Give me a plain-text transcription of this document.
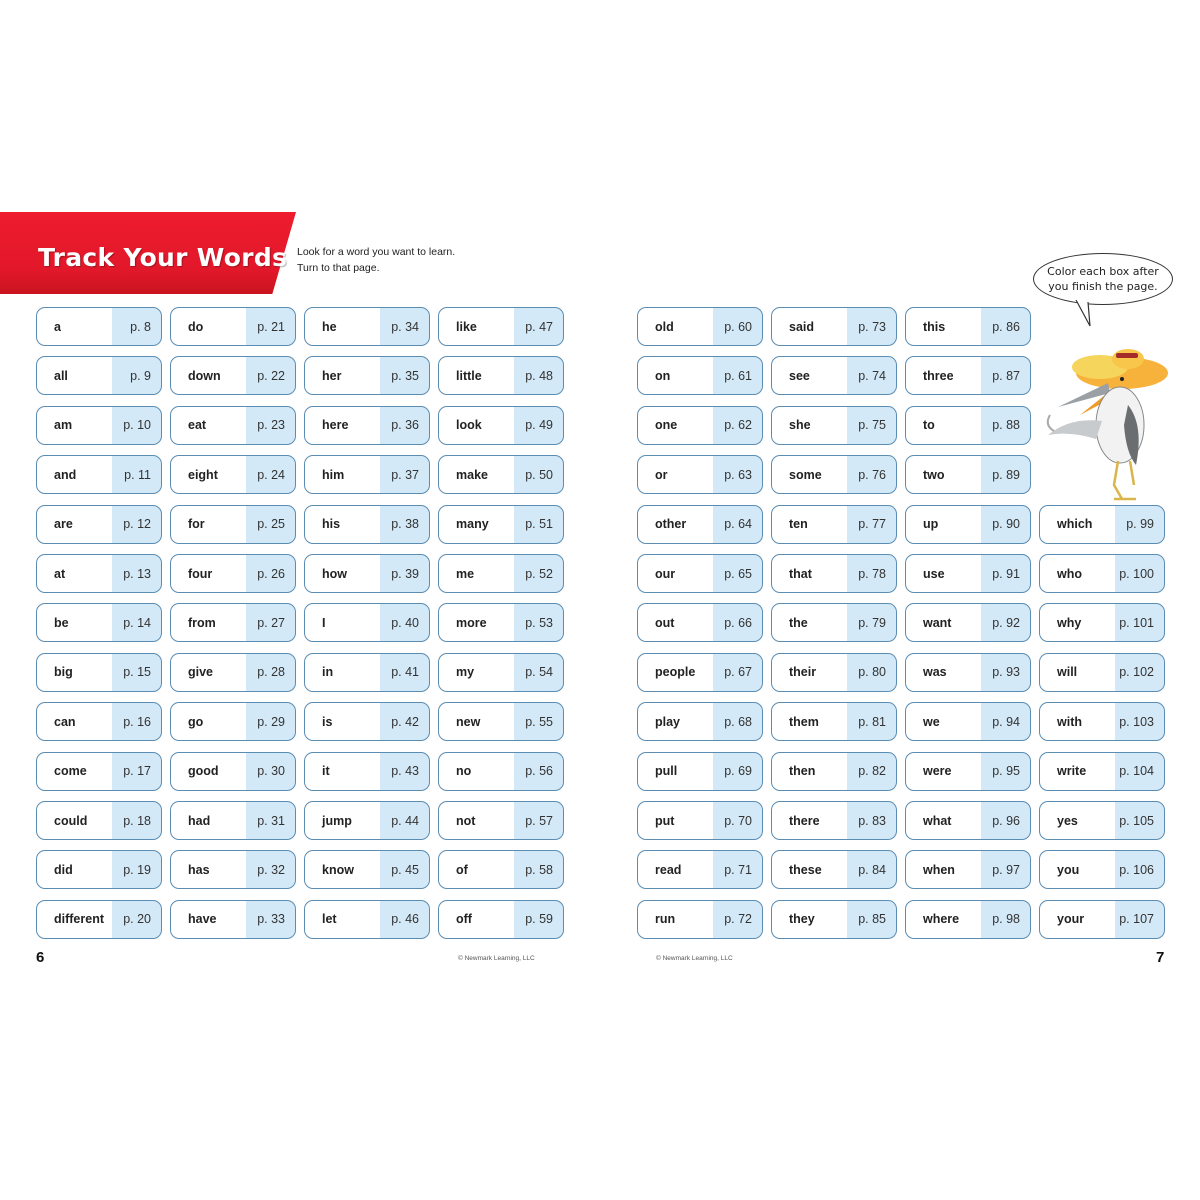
Track Your Words Look for a word you want to learn.
Turn to that page.	Color each box after
you finish the page.
a	p. 8
all	p. 9
am	p. 10
and	p. 11
are	p. 12
at	p. 13
be	p. 14
big	p. 15
can	p. 16
come	p. 17
could	p. 18
did	p. 19
different	p. 20
do	p. 21
down	p. 22
eat	p. 23
eight	p. 24
for	p. 25
four	p. 26
from	p. 27
give	p. 28
go	p. 29
good	p. 30
had	p. 31
has	p. 32
have	p. 33
he	p. 34
her	p. 35
here	p. 36
him	p. 37
his	p. 38
how	p. 39
I	p. 40
in	p. 41
is	p. 42
it	p. 43
jump	p. 44
know	p. 45
let	p. 46
like	p. 47
little	p. 48
look	p. 49
make	p. 50
many	p. 51
me	p. 52
more	p. 53
my	p. 54
new	p. 55
no	p. 56
not	p. 57
of	p. 58
off	p. 59
old	p. 60
on	p. 61
one	p. 62
or	p. 63
other	p. 64
our	p. 65
out	p. 66
people	p. 67
play	p. 68
pull	p. 69
put	p. 70
read	p. 71
run	p. 72
said	p. 73
see	p. 74
she	p. 75
some	p. 76
ten	p. 77
that	p. 78
the	p. 79
their	p. 80
them	p. 81
then	p. 82
there	p. 83
these	p. 84
they	p. 85
this	p. 86
three	p. 87
to	p. 88
two	p. 89
up	p. 90
use	p. 91
want	p. 92
was	p. 93
we	p. 94
were	p. 95
what	p. 96
when	p. 97
where	p. 98
which	p. 99
who	p. 100
why	p. 101
will	p. 102
with	p. 103
write	p. 104
yes	p. 105
you	p. 106
your	p. 107
6	© Newmark Learning, LLC	© Newmark Learning, LLC	7
